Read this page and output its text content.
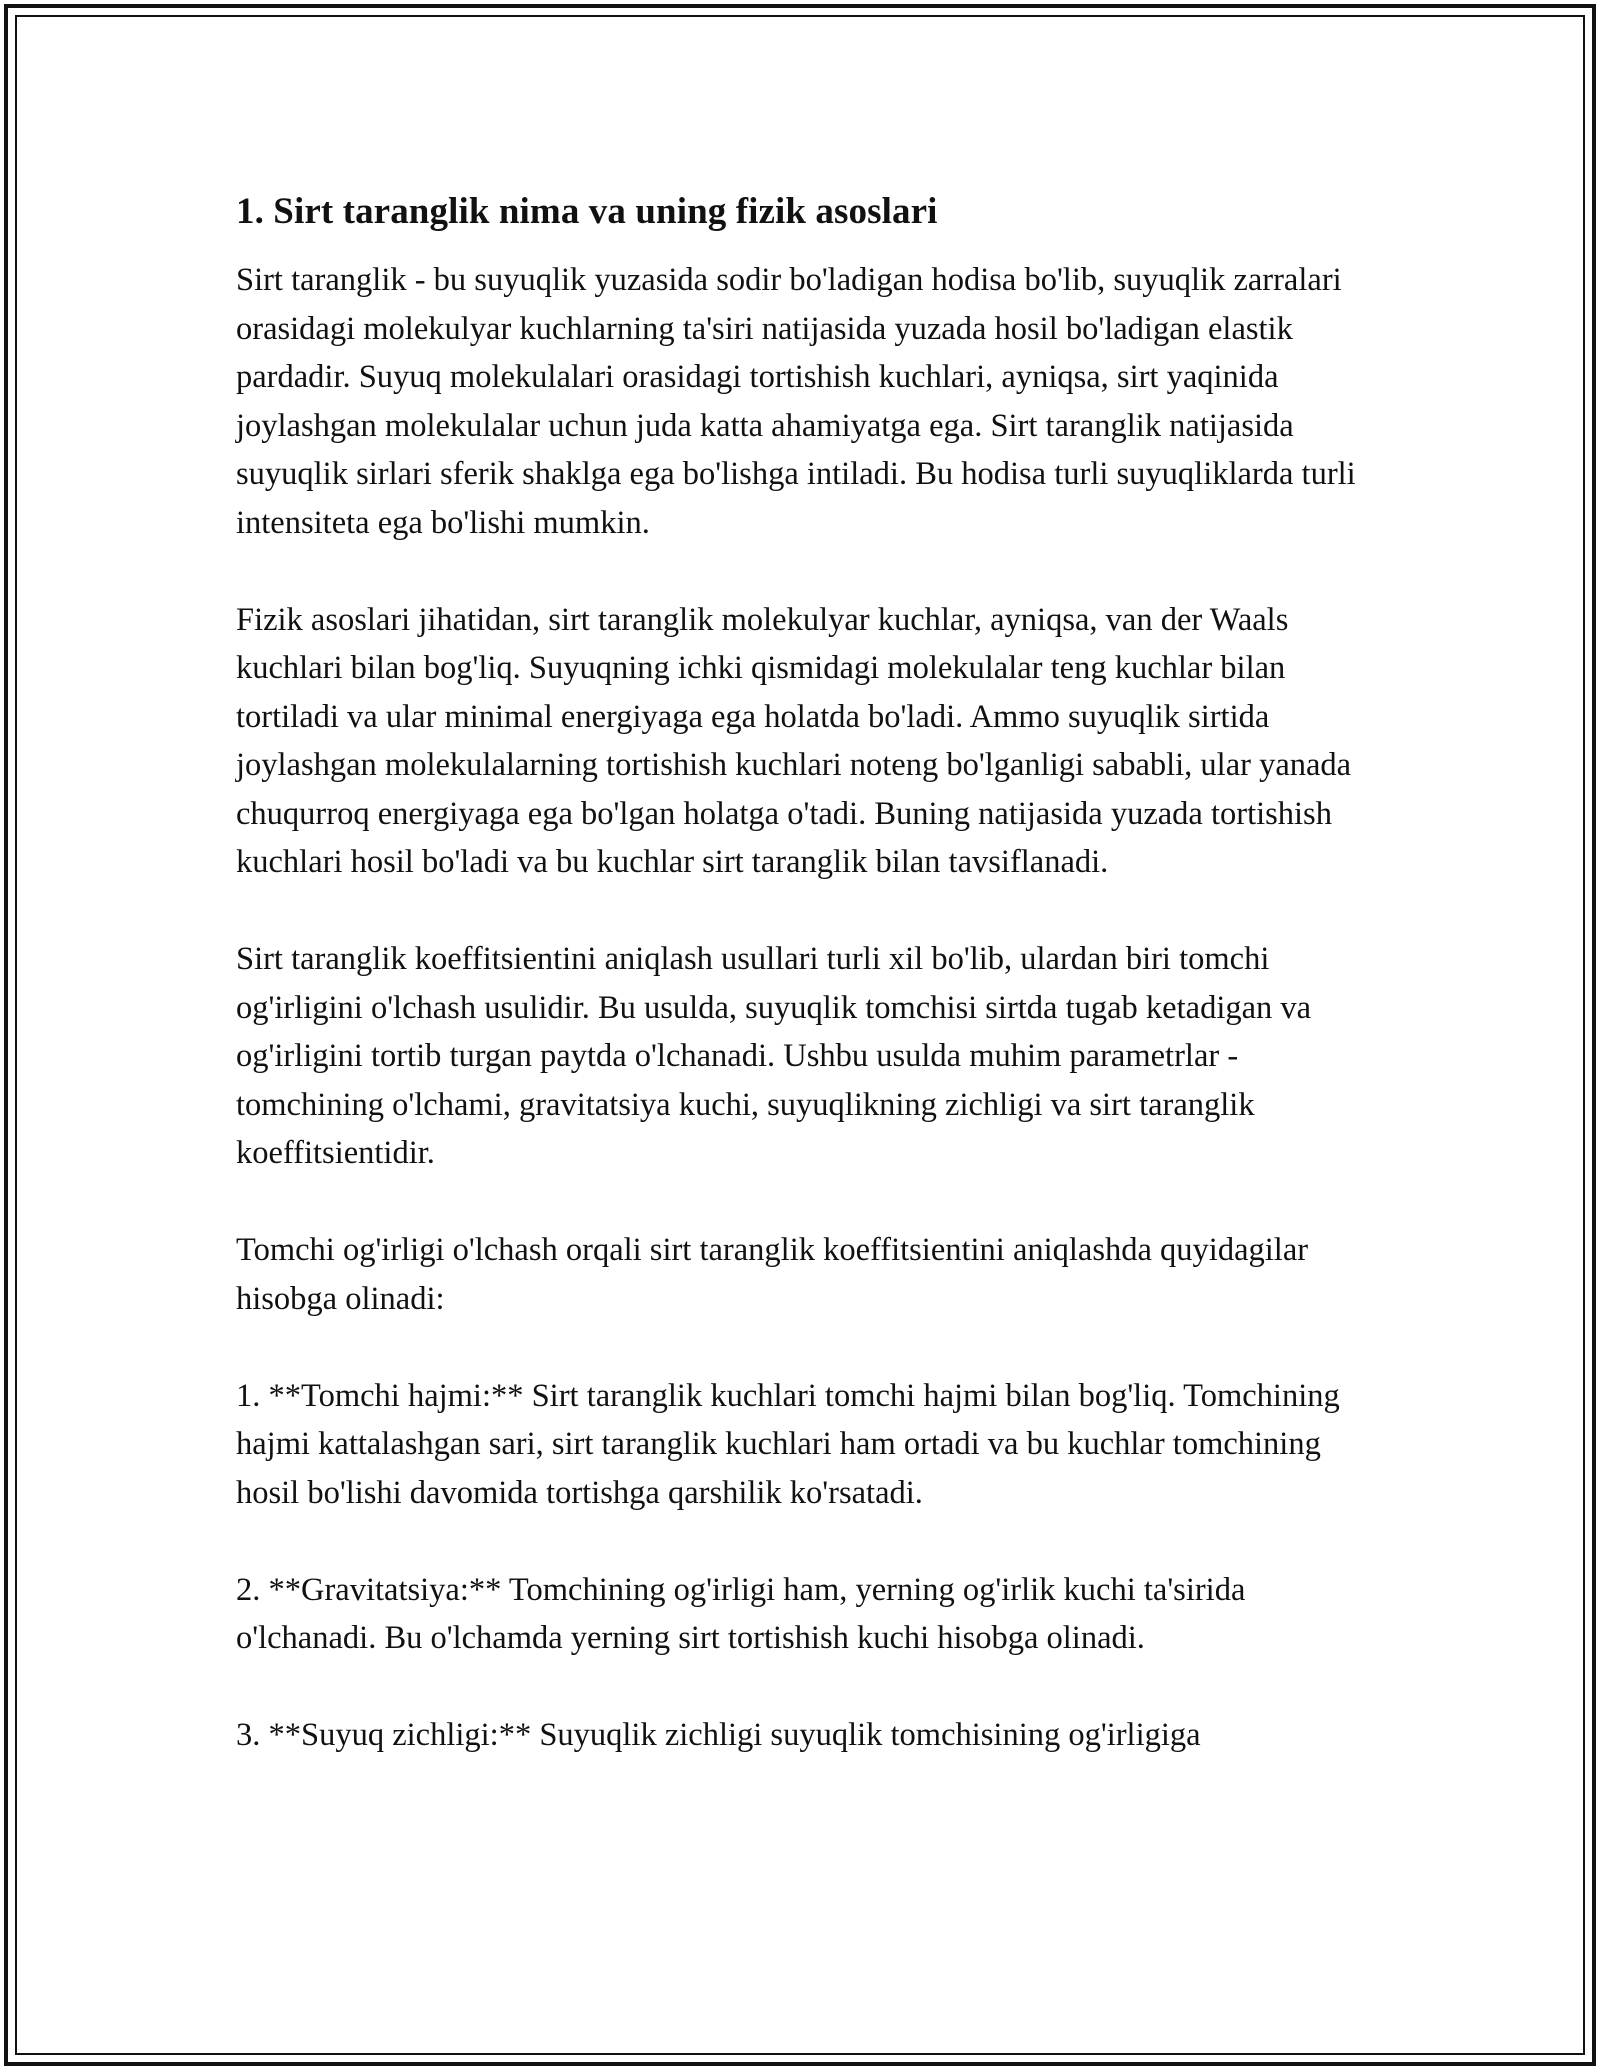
1. Sirt taranglik nima va uning fizik asoslari

Sirt taranglik - bu suyuqlik yuzasida sodir bo'ladigan hodisa bo'lib, suyuqlik zarralari orasidagi molekulyar kuchlarning ta'siri natijasida yuzada hosil bo'ladigan elastik pardadir. Suyuq molekulalari orasidagi tortishish kuchlari, ayniqsa, sirt yaqinida joylashgan molekulalar uchun juda katta ahamiyatga ega. Sirt taranglik natijasida suyuqlik sirlari sferik shaklga ega bo'lishga intiladi. Bu hodisa turli suyuqliklarda turli intensiteta ega bo'lishi mumkin.

Fizik asoslari jihatidan, sirt taranglik molekulyar kuchlar, ayniqsa, van der Waals kuchlari bilan bog'liq. Suyuqning ichki qismidagi molekulalar teng kuchlar bilan tortiladi va ular minimal energiyaga ega holatda bo'ladi. Ammo suyuqlik sirtida joylashgan molekulalarning tortishish kuchlari noteng bo'lganligi sababli, ular yanada chuqurroq energiyaga ega bo'lgan holatga o'tadi. Buning natijasida yuzada tortishish kuchlari hosil bo'ladi va bu kuchlar sirt taranglik bilan tavsiflanadi.

Sirt taranglik koeffitsientini aniqlash usullari turli xil bo'lib, ulardan biri tomchi og'irligini o'lchash usulidir. Bu usulda, suyuqlik tomchisi sirtda tugab ketadigan va og'irligini tortib turgan paytda o'lchanadi. Ushbu usulda muhim parametrlar - tomchining o'lchami, gravitatsiya kuchi, suyuqlikning zichligi va sirt taranglik koeffitsientidir.

Tomchi og'irligi o'lchash orqali sirt taranglik koeffitsientini aniqlashda quyidagilar hisobga olinadi:

1. **Tomchi hajmi:** Sirt taranglik kuchlari tomchi hajmi bilan bog'liq. Tomchining hajmi kattalashgan sari, sirt taranglik kuchlari ham ortadi va bu kuchlar tomchining hosil bo'lishi davomida tortishga qarshilik ko'rsatadi.

2. **Gravitatsiya:** Tomchining og'irligi ham, yerning og'irlik kuchi ta'sirida o'lchanadi. Bu o'lchamda yerning sirt tortishish kuchi hisobga olinadi.

3. **Suyuq zichligi:** Suyuqlik zichligi suyuqlik tomchisining og'irligiga
